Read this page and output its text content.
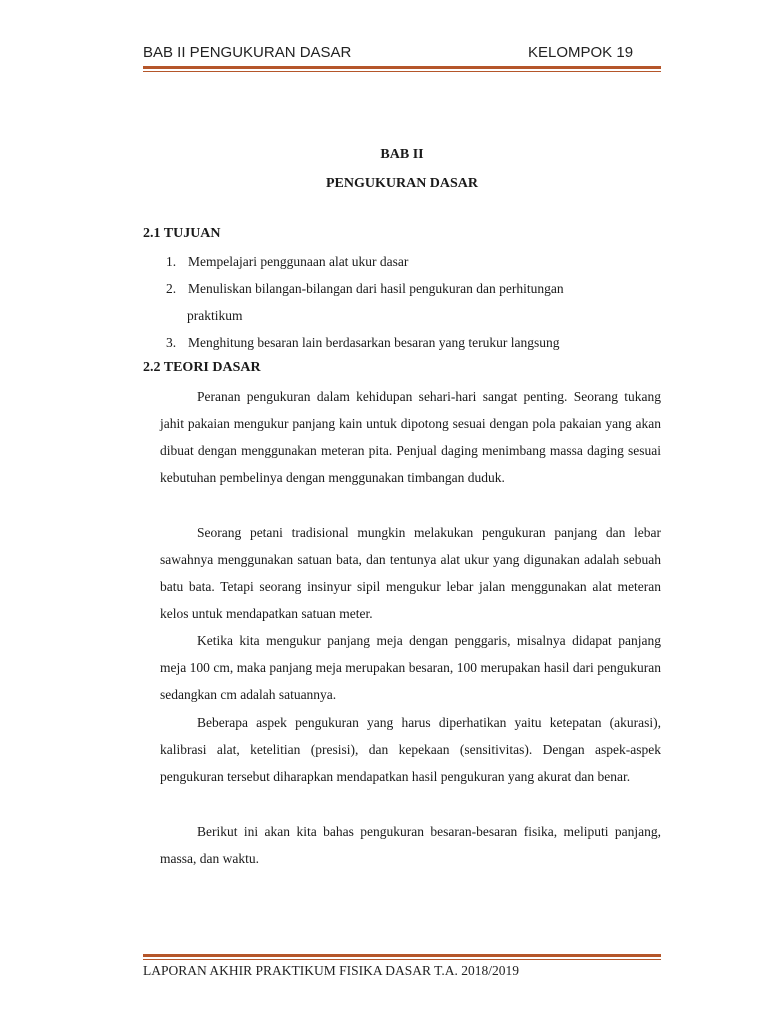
BAB II PENGUKURAN DASAR	KELOMPOK 19
BAB II
PENGUKURAN DASAR
2.1 TUJUAN
1. Mempelajari penggunaan alat ukur dasar
2. Menuliskan bilangan-bilangan dari hasil pengukuran dan perhitungan
praktikum
3. Menghitung besaran lain berdasarkan besaran yang terukur langsung
2.2 TEORI DASAR

Peranan pengukuran dalam kehidupan sehari-hari sangat penting. Seorang tukang jahit pakaian mengukur panjang kain untuk dipotong sesuai dengan pola pakaian yang akan dibuat dengan menggunakan meteran pita. Penjual daging menimbang massa daging sesuai kebutuhan pembelinya dengan menggunakan timbangan duduk.

Seorang petani tradisional mungkin melakukan pengukuran panjang dan lebar sawahnya menggunakan satuan bata, dan tentunya alat ukur yang digunakan adalah sebuah batu bata. Tetapi seorang insinyur sipil mengukur lebar jalan menggunakan alat meteran kelos untuk mendapatkan satuan meter.

Ketika kita mengukur panjang meja dengan penggaris, misalnya didapat panjang meja 100 cm, maka panjang meja merupakan besaran, 100 merupakan hasil dari pengukuran sedangkan cm adalah satuannya.

Beberapa aspek pengukuran yang harus diperhatikan yaitu ketepatan (akurasi), kalibrasi alat, ketelitian (presisi), dan kepekaan (sensitivitas). Dengan aspek-aspek pengukuran tersebut diharapkan mendapatkan hasil pengukuran yang akurat dan benar.

Berikut ini akan kita bahas pengukuran besaran-besaran fisika, meliputi panjang, massa, dan waktu.

LAPORAN AKHIR PRAKTIKUM FISIKA DASAR T.A. 2018/2019
